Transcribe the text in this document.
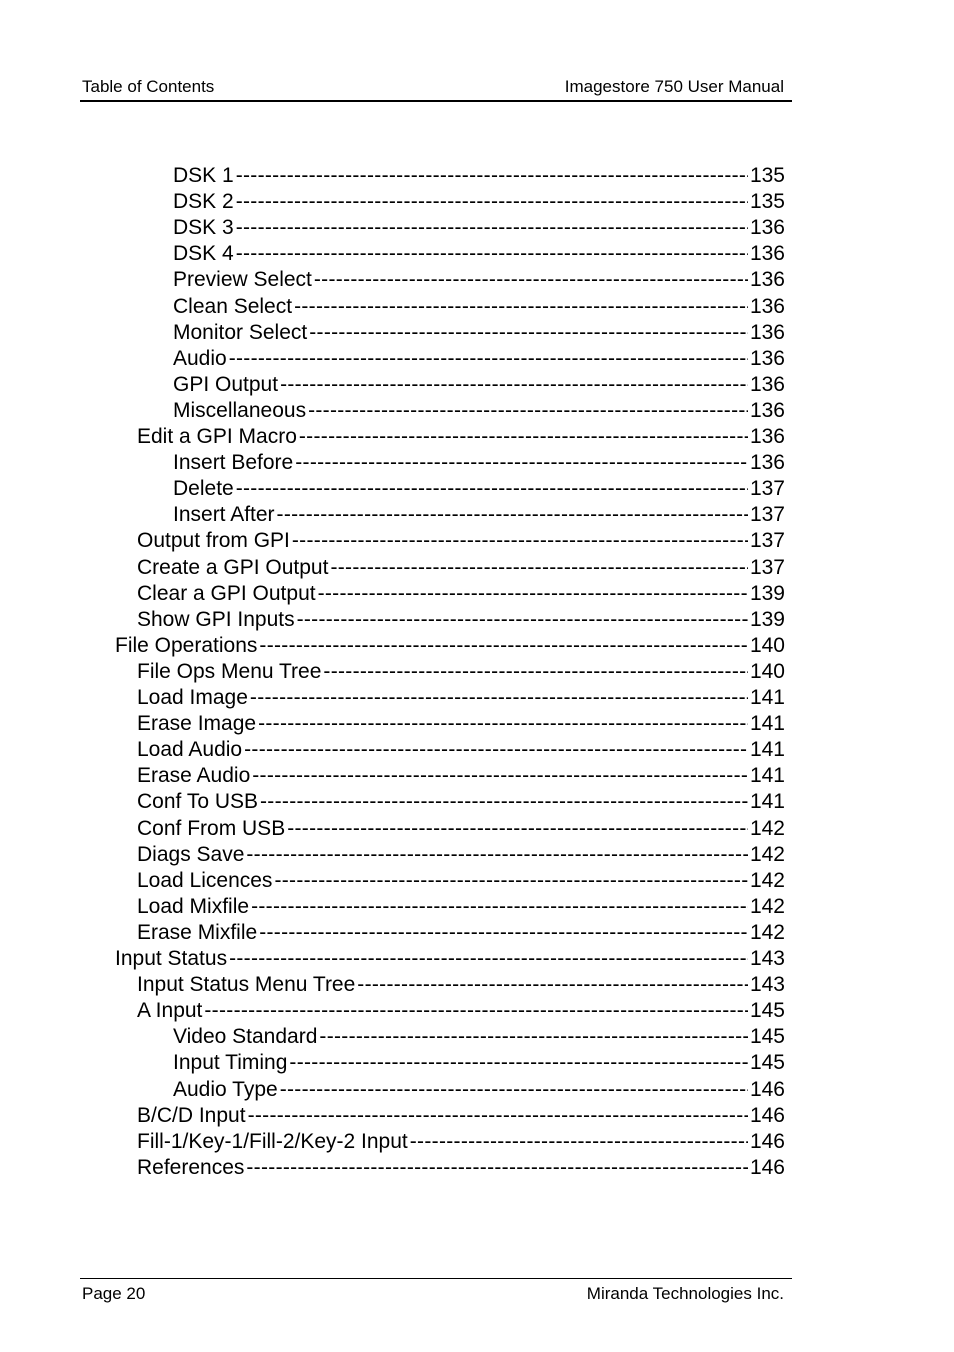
Table of Contents	Imagestore 750 User Manual
DSK 1 -----	135
DSK 2 -----	135
DSK 3 -----	136
DSK 4 -----	136
Preview Select -----	136
Clean Select -----	136
Monitor Select -----	136
Audio -----	136
GPI Output -----	136
Miscellaneous -----	136
Edit a GPI Macro -----	136
Insert Before -----	136
Delete -----	137
Insert After -----	137
Output from GPI -----	137
Create a GPI Output -----	137
Clear a GPI Output -----	139
Show GPI Inputs -----	139
File Operations -----	140
File Ops Menu Tree -----	140
Load Image -----	141
Erase Image -----	141
Load Audio -----	141
Erase Audio -----	141
Conf To USB -----	141
Conf From USB -----	142
Diags Save -----	142
Load Licences -----	142
Load Mixfile -----	142
Erase Mixfile -----	142
Input Status -----	143
Input Status Menu Tree -----	143
A Input -----	145
Video Standard -----	145
Input Timing -----	145
Audio Type -----	146
B/C/D Input -----	146
Fill-1/Key-1/Fill-2/Key-2 Input -----	146
References -----	146
Page 20	Miranda Technologies Inc.
